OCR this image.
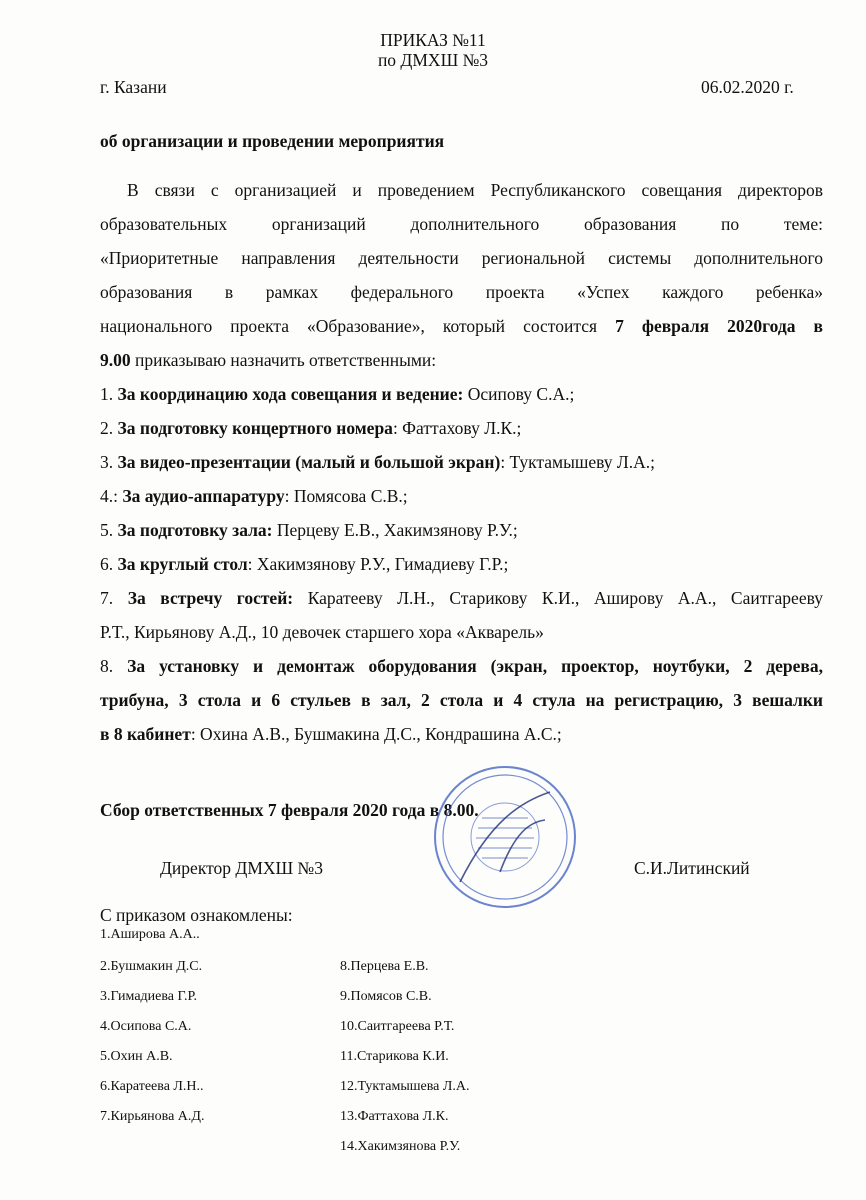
ПРИКАЗ №11
по ДМХШ №3
г. Казани	06.02.2020 г.
об организации и проведении мероприятия
В связи с организацией и проведением Республиканского совещания директоров
образовательных организаций дополнительного образования по теме:
«Приоритетные направления деятельности региональной системы дополнительного
образования в рамках федерального проекта «Успех каждого ребенка»
национального проекта «Образование», который состоится 7 февраля 2020года в
9.00 приказываю назначить ответственными:
1. За координацию хода совещания и ведение: Осипову С.А.;
2. За подготовку концертного номера: Фаттахову Л.К.;
3. За видео-презентации (малый и большой экран): Туктамышеву Л.А.;
4.: За аудио-аппаратуру: Помясова С.В.;
5. За подготовку зала: Перцеву Е.В., Хакимзянову Р.У.;
6. За круглый стол: Хакимзянову Р.У., Гимадиеву Г.Р.;
7. За встречу гостей: Каратееву Л.Н., Старикову К.И., Аширову А.А., Саитгарееву
Р.Т., Кирьянову А.Д., 10 девочек старшего хора «Акварель»
8. За установку и демонтаж оборудования (экран, проектор, ноутбуки, 2 дерева,
трибуна, 3 стола и 6 стульев в зал, 2 стола и 4 стула на регистрацию, 3 вешалки
в 8 кабинет: Охина А.В., Бушмакина Д.С., Кондрашина А.С.;
Сбор ответственных 7 февраля 2020 года в 8.00.
Директор ДМХШ №3	С.И.Литинский
С приказом ознакомлены:
1.Аширова А.А..
2.Бушмакин Д.С.
3.Гимадиева Г.Р.
4.Осипова С.А.
5.Охин А.В.
6.Каратеева Л.Н..
7.Кирьянова А.Д.
8.Перцева Е.В.
9.Помясов С.В.
10.Саитгареева Р.Т.
11.Старикова К.И.
12.Туктамышева Л.А.
13.Фаттахова Л.К.
14.Хакимзянова Р.У.
